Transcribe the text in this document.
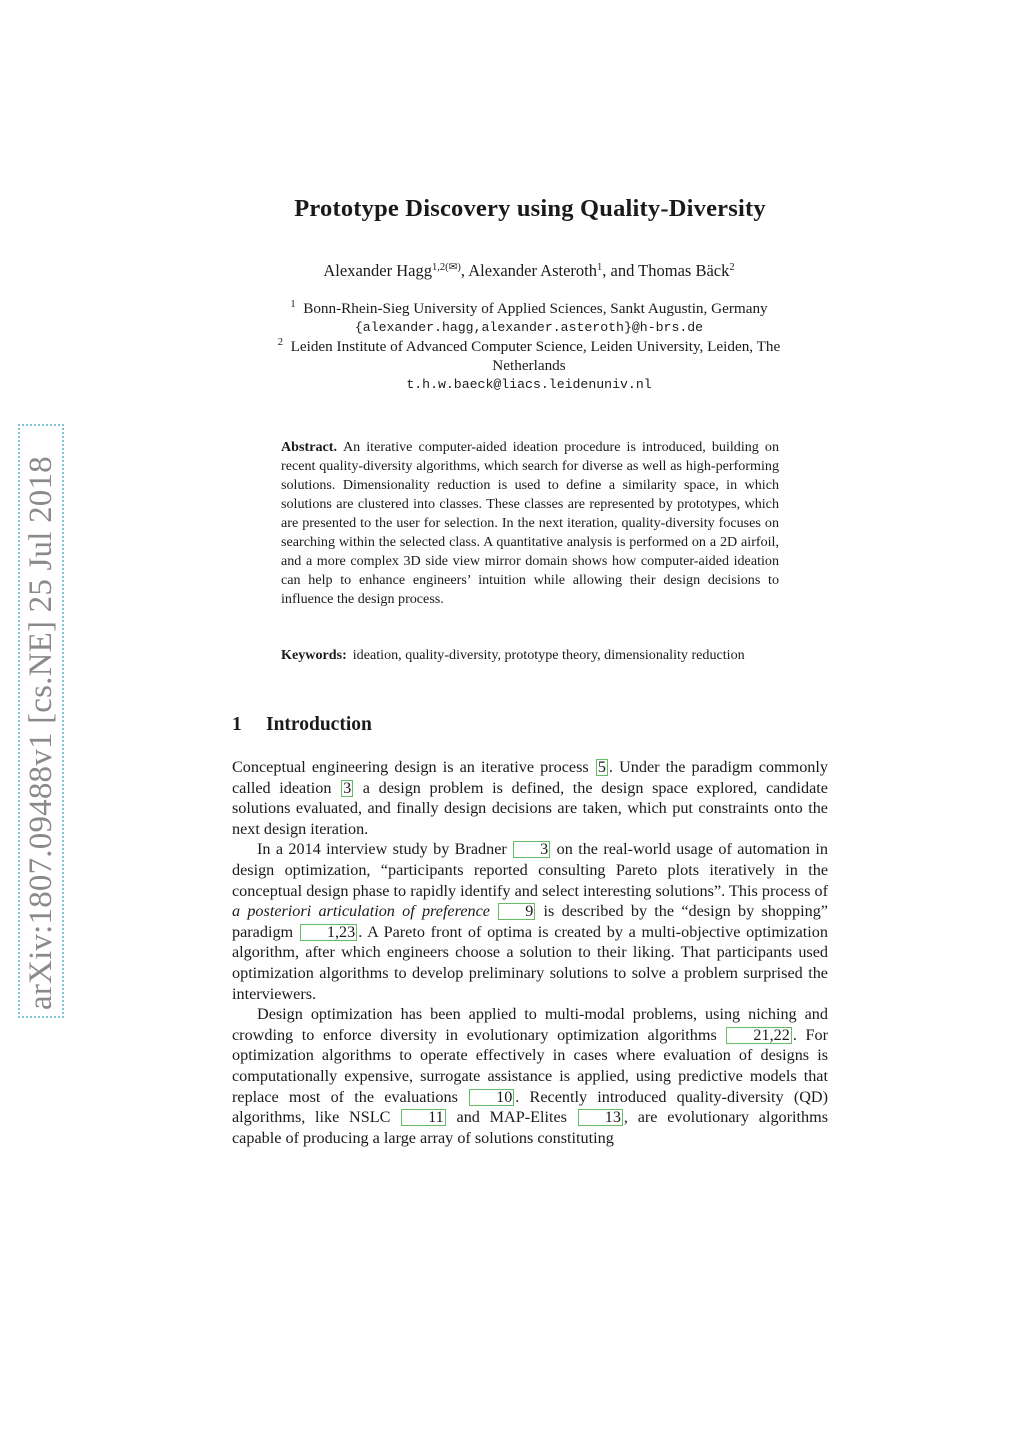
arXiv:1807.09488v1 [cs.NE] 25 Jul 2018
Prototype Discovery using Quality-Diversity

Alexander Hagg$^{1,2(✉)}$, Alexander Asteroth$^1$, and Thomas Bäck$^2$

$^1$ Bonn-Rhein-Sieg University of Applied Sciences, Sankt Augustin, Germany

{alexander.hagg,alexander.asteroth}@h-brs.de

$^2$ Leiden Institute of Advanced Computer Science, Leiden University, Leiden, The

Netherlands

t.h.w.baeck@liacs.leidenuniv.nl

Abstract. An iterative computer-aided ideation procedure is introduced, building on recent quality-diversity algorithms, which search for diverse as well as high-performing solutions. Dimensionality reduction is used to define a similarity space, in which solutions are clustered into classes. These classes are represented by prototypes, which are presented to the user for selection. In the next iteration, quality-diversity focuses on searching within the selected class. A quantitative analysis is performed on a 2D airfoil, and a more complex 3D side view mirror domain shows how computer-aided ideation can help to enhance engineers’ intuition while allowing their design decisions to influence the design process.

Keywords: ideation, quality-diversity, prototype theory, dimensionality reduction

1 Introduction

Conceptual engineering design is an iterative process 5 . Under the paradigm commonly called ideation 3 a design problem is defined, the design space explored, candidate solutions evaluated, and finally design decisions are taken, which put constraints onto the next design iteration.

In a 2014 interview study by Bradner 3 on the real-world usage of automation in design optimization, “participants reported consulting Pareto plots iteratively in the conceptual design phase to rapidly identify and select interesting solutions”. This process of a posteriori articulation of preference 9 is described by the “design by shopping” paradigm 1,23 . A Pareto front of optima is created by a multi-objective optimization algorithm, after which engineers choose a solution to their liking. That participants used optimization algorithms to develop preliminary solutions to solve a problem surprised the interviewers.

Design optimization has been applied to multi-modal problems, using niching and crowding to enforce diversity in evolutionary optimization algorithms 21,22 . For optimization algorithms to operate effectively in cases where evaluation of designs is computationally expensive, surrogate assistance is applied, using predictive models that replace most of the evaluations 10 . Recently introduced quality-diversity (QD) algorithms, like NSLC 11 and MAP-Elites 13 , are evolutionary algorithms capable of producing a large array of solutions constituting
